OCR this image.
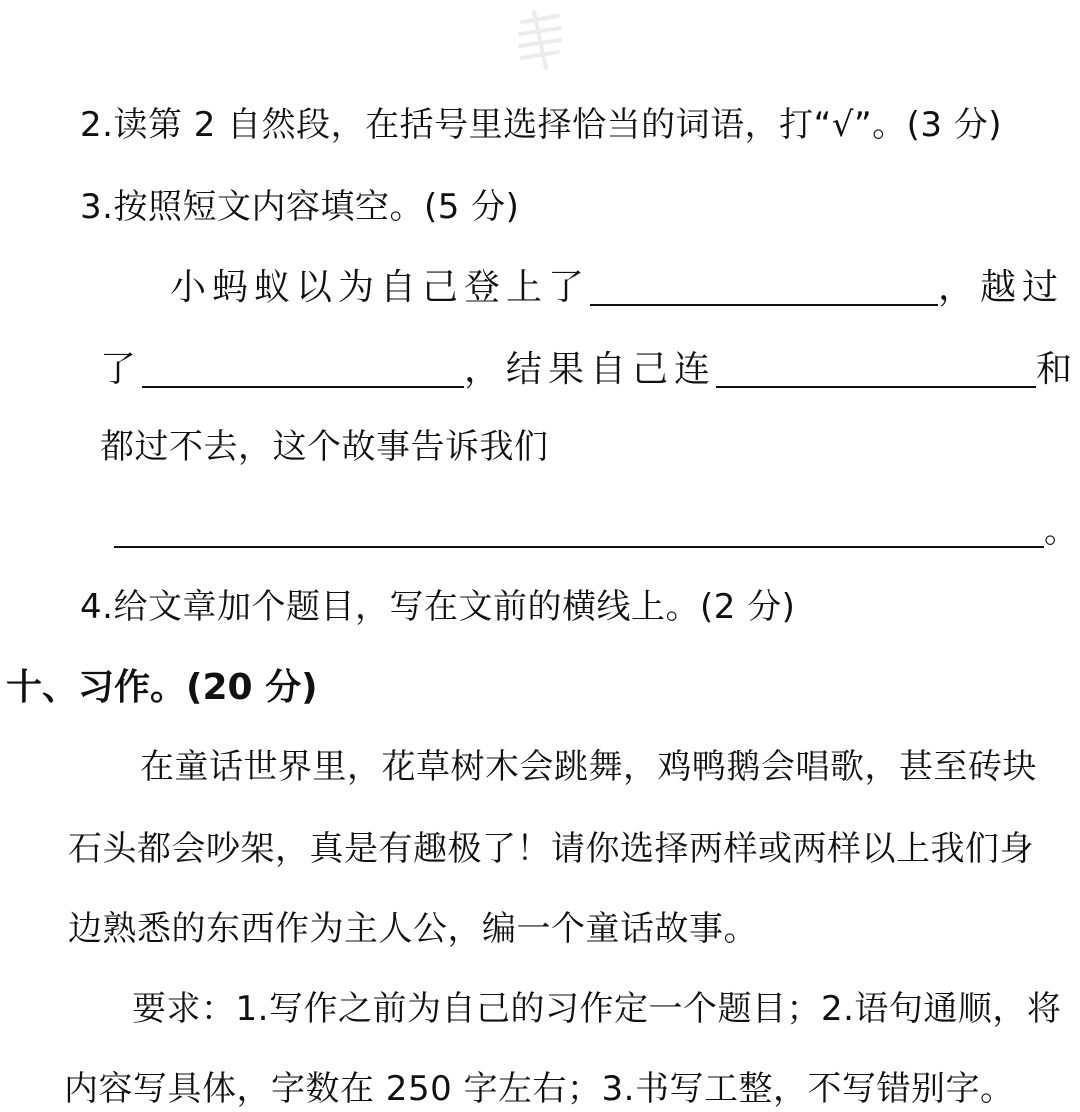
2.读第 2 自然段，在括号里选择恰当的词语，打“√”。(3 分)
3.按照短文内容填空。(5 分)
小蚂蚁以为自己登上了	，越过
了	，结果自己连	和
都过不去，这个故事告诉我们
。
4.给文章加个题目，写在文前的横线上。(2 分)
十、习作。(20 分)
在童话世界里，花草树木会跳舞，鸡鸭鹅会唱歌，甚至砖块
石头都会吵架，真是有趣极了！请你选择两样或两样以上我们身
边熟悉的东西作为主人公，编一个童话故事。
要求：1.写作之前为自己的习作定一个题目；2.语句通顺，将
内容写具体，字数在 250 字左右；3.书写工整，不写错别字。
